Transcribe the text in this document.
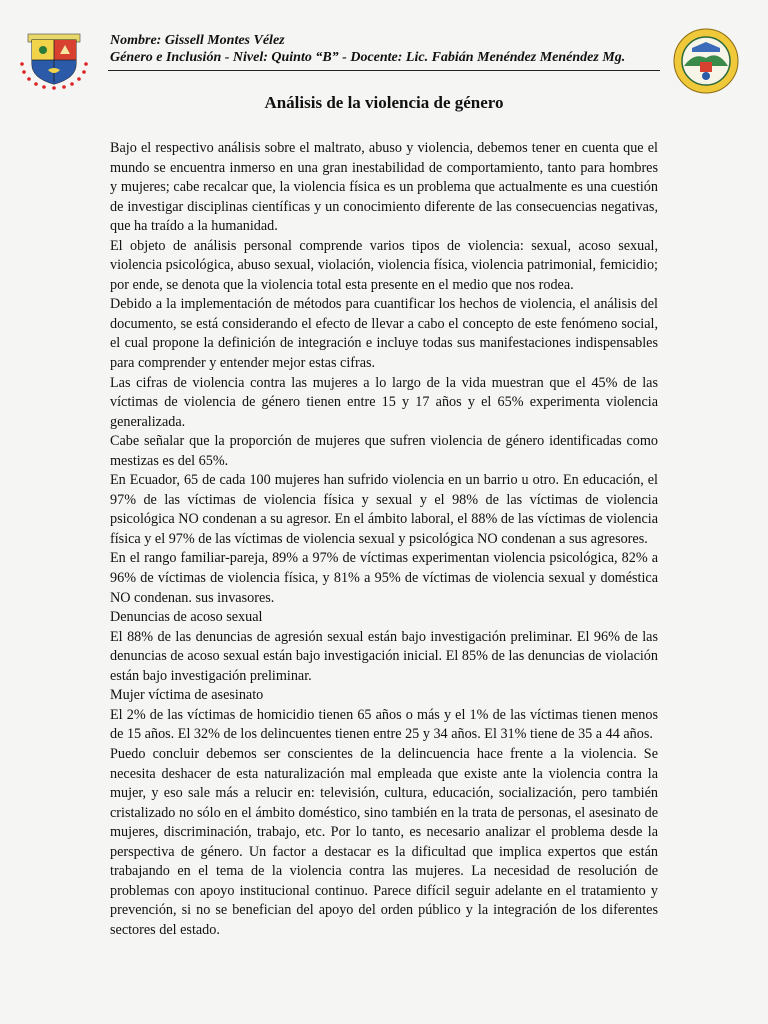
Nombre: Gissell Montes Vélez
Género e Inclusión - Nivel: Quinto “B” - Docente: Lic. Fabián Menéndez Menéndez Mg.
Análisis de la violencia de género

Bajo el respectivo análisis sobre el maltrato, abuso y violencia, debemos tener en cuenta que el mundo se encuentra inmerso en una gran inestabilidad de comportamiento, tanto para hombres y mujeres; cabe recalcar que, la violencia física es un problema que actualmente es una cuestión de investigar disciplinas científicas y un conocimiento diferente de las consecuencias negativas, que ha traído a la humanidad.

El objeto de análisis personal comprende varios tipos de violencia: sexual, acoso sexual, violencia psicológica, abuso sexual, violación, violencia física, violencia patrimonial, femicidio; por ende, se denota que la violencia total esta presente en el medio que nos rodea.

Debido a la implementación de métodos para cuantificar los hechos de violencia, el análisis del documento, se está considerando el efecto de llevar a cabo el concepto de este fenómeno social, el cual propone la definición de integración e incluye todas sus manifestaciones indispensables para comprender y entender mejor estas cifras.

Las cifras de violencia contra las mujeres a lo largo de la vida muestran que el 45% de las víctimas de violencia de género tienen entre 15 y 17 años y el 65% experimenta violencia generalizada.

Cabe señalar que la proporción de mujeres que sufren violencia de género identificadas como mestizas es del 65%.

En Ecuador, 65 de cada 100 mujeres han sufrido violencia en un barrio u otro. En educación, el 97% de las víctimas de violencia física y sexual y el 98% de las víctimas de violencia psicológica NO condenan a su agresor. En el ámbito laboral, el 88% de las víctimas de violencia física y el 97% de las víctimas de violencia sexual y psicológica NO condenan a sus agresores.

En el rango familiar-pareja, 89% a 97% de víctimas experimentan violencia psicológica, 82% a 96% de víctimas de violencia física, y 81% a 95% de víctimas de violencia sexual y doméstica NO condenan. sus invasores.

Denuncias de acoso sexual

El 88% de las denuncias de agresión sexual están bajo investigación preliminar. El 96% de las denuncias de acoso sexual están bajo investigación inicial. El 85% de las denuncias de violación están bajo investigación preliminar.

Mujer víctima de asesinato

El 2% de las víctimas de homicidio tienen 65 años o más y el 1% de las víctimas tienen menos de 15 años. El 32% de los delincuentes tienen entre 25 y 34 años. El 31% tiene de 35 a 44 años.

Puedo concluir debemos ser conscientes de la delincuencia hace frente a la violencia. Se necesita deshacer de esta naturalización mal empleada que existe ante la violencia contra la mujer, y eso sale más a relucir en: televisión, cultura, educación, socialización, pero también cristalizado no sólo en el ámbito doméstico, sino también en la trata de personas, el asesinato de mujeres, discriminación, trabajo, etc. Por lo tanto, es necesario analizar el problema desde la perspectiva de género. Un factor a destacar es la dificultad que implica expertos que están trabajando en el tema de la violencia contra las mujeres. La necesidad de resolución de problemas con apoyo institucional continuo. Parece difícil seguir adelante en el tratamiento y prevención, si no se benefician del apoyo del orden público y la integración de los diferentes sectores del estado.
